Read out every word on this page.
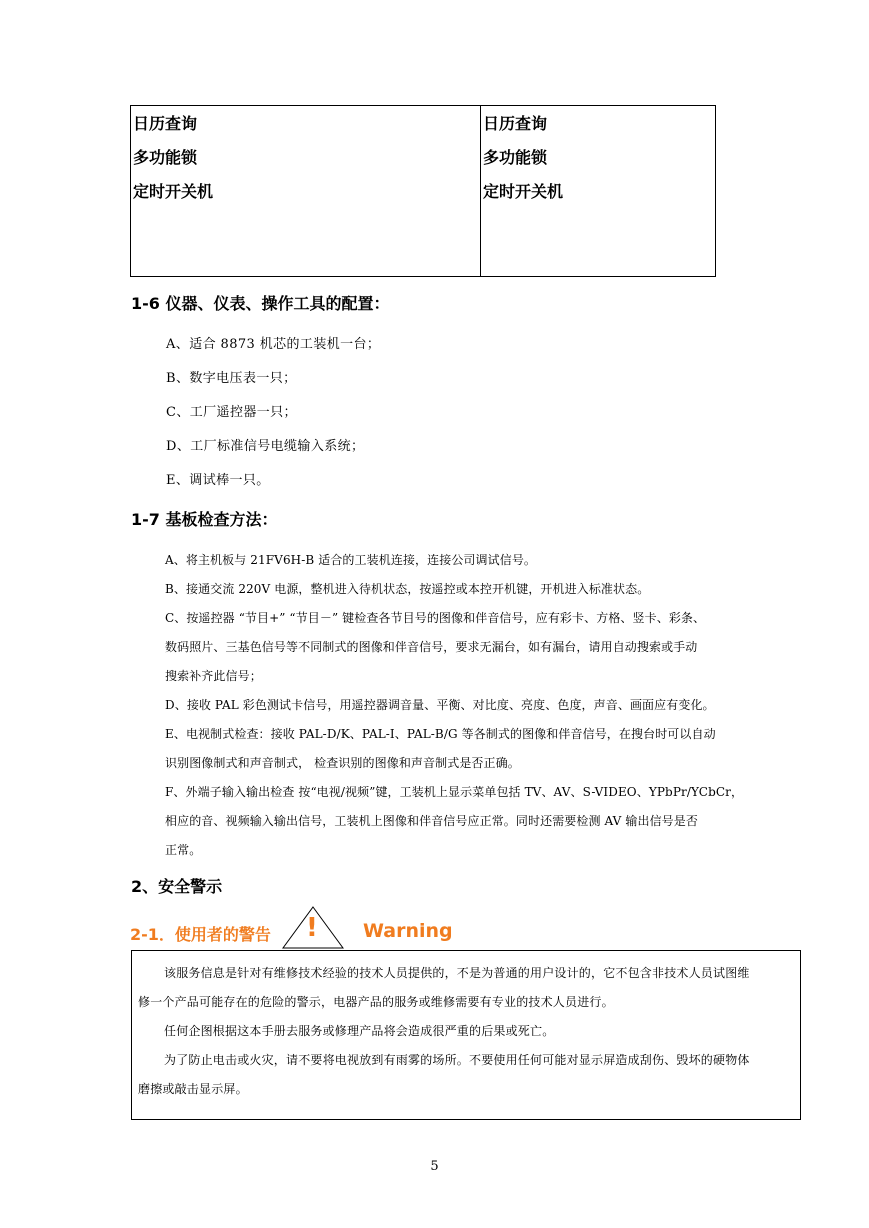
日历查询
多功能锁
定时开关机
日历查询
多功能锁
定时开关机
1-6 仪器、仪表、操作工具的配置：

A、适合 8873 机芯的工装机一台；

B、数字电压表一只；

C、工厂遥控器一只；

D、工厂标准信号电缆输入系统；

E、调试棒一只。

1-7 基板检查方法：

A、将主机板与 21FV6H-B 适合的工装机连接，连接公司调试信号。

B、接通交流 220V 电源，整机进入待机状态，按遥控或本控开机键，开机进入标准状态。

C、按遥控器 “节目+” “节目－” 键检查各节目号的图像和伴音信号，应有彩卡、方格、竖卡、彩条、

数码照片、三基色信号等不同制式的图像和伴音信号，要求无漏台，如有漏台，请用自动搜索或手动

搜索补齐此信号；

D、接收 PAL 彩色测试卡信号，用遥控器调音量、平衡、对比度、亮度、色度，声音、画面应有变化。

E、电视制式检查：接收 PAL-D/K、PAL-I、PAL-B/G 等各制式的图像和伴音信号，在搜台时可以自动

识别图像制式和声音制式， 检查识别的图像和声音制式是否正确。

F、外端子输入输出检查 按“电视/视频”键，工装机上显示菜单包括 TV、AV、S-VIDEO、YPbPr/YCbCr，

相应的音、视频输入输出信号，工装机上图像和伴音信号应正常。同时还需要检测 AV 输出信号是否

正常。

2、安全警示
2-1．使用者的警告 ! Warning

该服务信息是针对有维修技术经验的技术人员提供的，不是为普通的用户设计的，它不包含非技术人员试图维

修一个产品可能存在的危险的警示，电器产品的服务或维修需要有专业的技术人员进行。

任何企图根据这本手册去服务或修理产品将会造成很严重的后果或死亡。

为了防止电击或火灾，请不要将电视放到有雨雾的场所。不要使用任何可能对显示屏造成刮伤、毁坏的硬物体

磨擦或敲击显示屏。

5
